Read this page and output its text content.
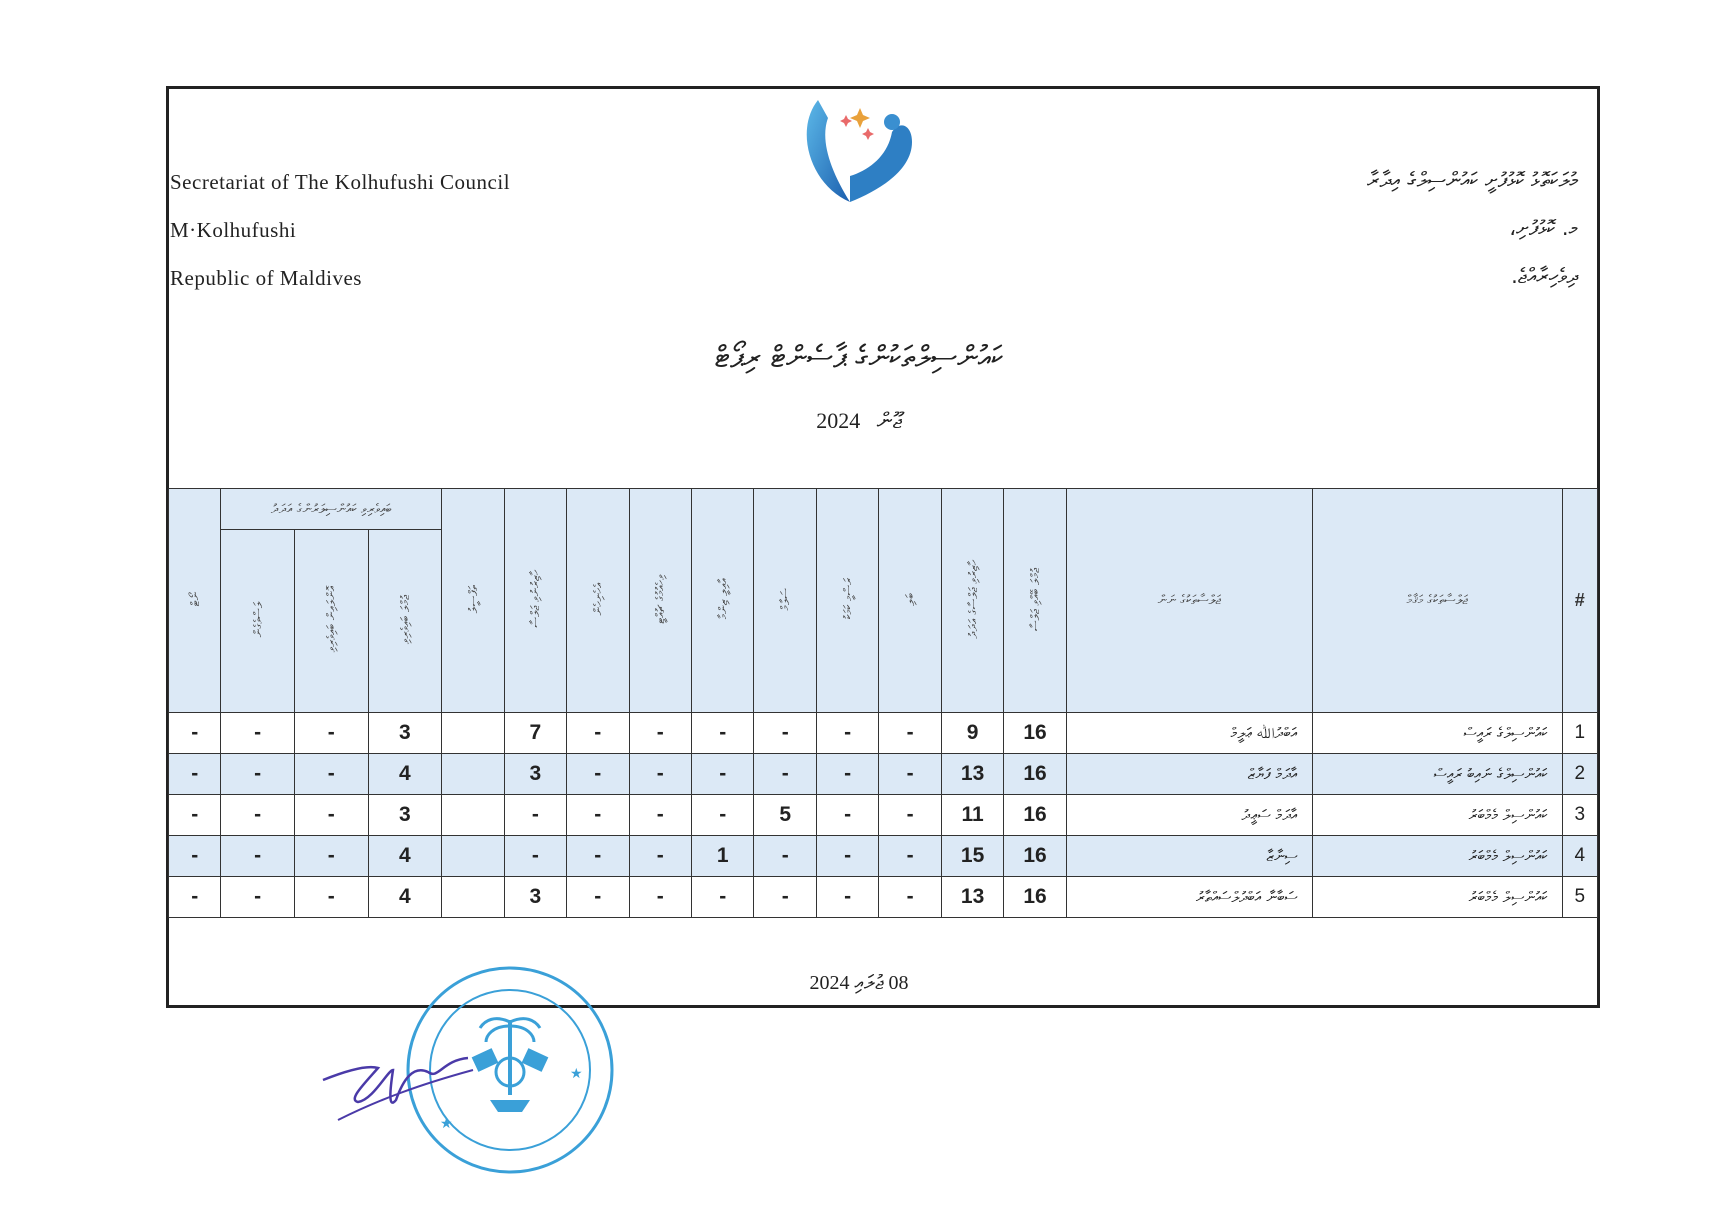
Secretariat of The Kolhufushi Council
M·Kolhufushi
Republic of Maldives
މުލަކަތޮޅު ކޮޅުފުށީ ކައުންސިލްގެ އިދާރާ
މ. ކޮޅުފުށި،
ދިވެހިރާއްޖެ.
ކައުންސިލްތަކުންގެ ޕާސެންޓް ރިޕޯޓް
ޖޫން   2024
ނޯޓް	ބައިވެރިވި ކައުންސިލަރުންގެ އަދަދު			ތަފްސީލު	ހާޒިރުނުވި ޖަލްސާ	އެހެނިހެން	ވިހެއުމުގެ ޗުއްޓީ	އާއިލީ ޒިންމާ	ސަލާމް	ރަސްމީ ކަމަކު	ބަލި	ހާޒިރުވި ޖަލްސާގެ އަދަދު	ޖުމްލަ ބޭއްވި ޖަލްސާ	ޖަލްސާތަކުގެ ނަން	ޖަލްސާތަކުގެ މަޤާމް	#
	ލަސްވެގެން	އޮންލައިން ބައިވެރިވި	ޖުމްލަ ބައިވެރިވި													
-	-	-	3		7	-	-	-	-	-	-	9	16	އަބްދުﷲ ޢަލީމް	ކައުންސިލްގެ ރައީސް	1
-	-	-	4		3	-	-	-	-	-	-	13	16	އާދަމް ފަޔާޒް	ކައުންސިލްގެ ނައިބު ރައީސް	2
-	-	-	3		-	-	-	-	5	-	-	11	16	އާދަމް ސަޢީދު	ކައުންސިލް މެމްބަރު	3
-	-	-	4		-	-	-	1	-	-	-	15	16	ސިނާޒާ	ކައުންސިލް މެމްބަރު	4
-	-	-	4		3	-	-	-	-	-	-	13	16	ސަބާނާ އަބްދުލްސައްތާރު	ކައުންސިލް މެމްބަރު	5
08 ޖުލައި 2024
★
★
